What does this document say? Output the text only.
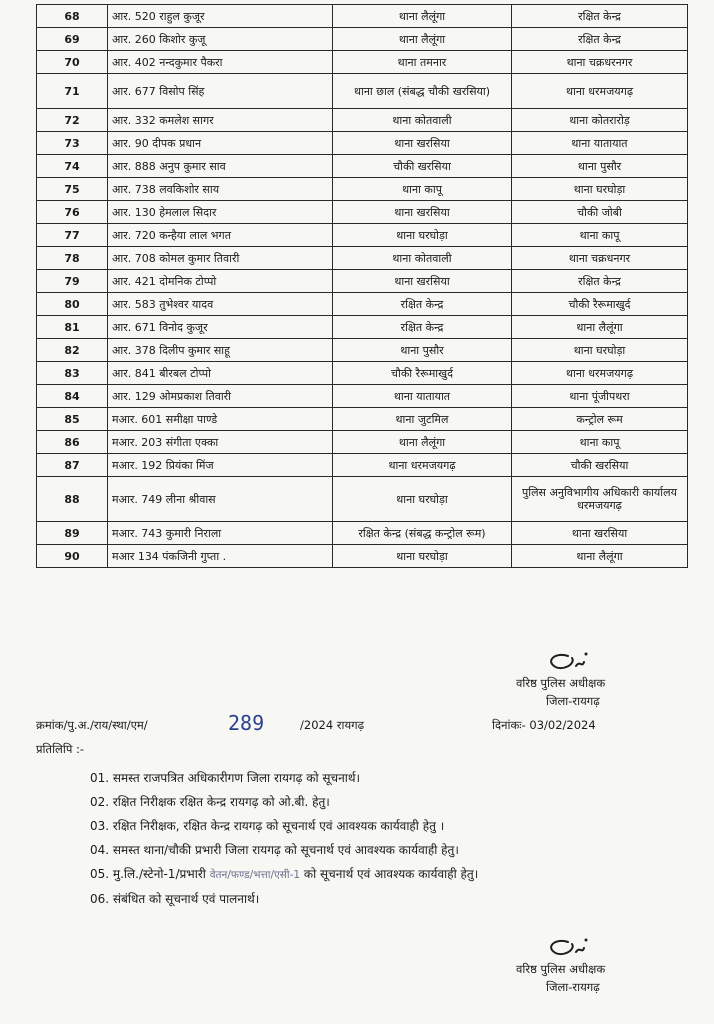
68	आर. 520 राहुल कुजूर	थाना लैलूंगा	रक्षित केन्द्र
69	आर. 260 किशोर कुजू	थाना लैलूंगा	रक्षित केन्द्र
70	आर. 402 नन्दकुमार पैकरा	थाना तमनार	थाना चक्रधरनगर
71	आर. 677 विसोप सिंह	थाना छाल (संबद्ध चौकी खरसिया)	थाना धरमजयगढ़
72	आर. 332 कमलेश सागर	थाना कोतवाली	थाना कोतरारोड़
73	आर. 90 दीपक प्रधान	थाना खरसिया	थाना यातायात
74	आर. 888 अनुप कुमार साव	चौकी खरसिया	थाना पुसौर
75	आर. 738 लवकिशोर साय	थाना कापू	थाना घरघोड़ा
76	आर. 130 हेमलाल सिदार	थाना खरसिया	चौकी जोबी
77	आर. 720 कन्हैया लाल भगत	थाना घरघोड़ा	थाना कापू
78	आर. 708 कोमल कुमार तिवारी	थाना कोतवाली	थाना चक्रधनगर
79	आर. 421 दोमनिक टोप्पो	थाना खरसिया	रक्षित केन्द्र
80	आर. 583 तुभेश्वर यादव	रक्षित केन्द्र	चौकी रैरूमाखुर्द
81	आर. 671 विनोद कुजूर	रक्षित केन्द्र	थाना लैलूंगा
82	आर. 378 दिलीप कुमार साहू	थाना पुसौर	थाना घरघोड़ा
83	आर. 841 बीरबल टोप्पो	चौकी रैरूमाखुर्द	थाना धरमजयगढ़
84	आर. 129 ओमप्रकाश तिवारी	थाना यातायात	थाना पूंजीपथरा
85	मआर. 601 समीक्षा पाण्डे	थाना जुटमिल	कन्ट्रोल रूम
86	मआर. 203 संगीता एक्का	थाना लैलूंगा	थाना कापू
87	मआर. 192 प्रियंका मिंज	थाना धरमजयगढ़	चौकी खरसिया
88	मआर. 749 लीना श्रीवास	थाना घरघोड़ा	पुलिस अनुविभागीय अधिकारी कार्यालय धरमजयगढ़
89	मआर. 743 कुमारी निराला	रक्षित केन्द्र (संबद्ध कन्ट्रोल रूम)	थाना खरसिया
90	मआर 134 पंकजिनी गुप्ता .	थाना घरघोड़ा	थाना लैलूंगा
वरिष्ठ पुलिस अधीक्षक
जिला-रायगढ़
क्रमांक/पु.अ./राय/स्था/एम/	289	/2024 रायगढ़	दिनांकः- 03/02/2024
प्रतिलिपि :-
01. समस्त राजपत्रित अधिकारीगण जिला रायगढ़ को सूचनार्थ।
02. रक्षित निरीक्षक रक्षित केन्द्र रायगढ़ को ओ.बी. हेतु।
03. रक्षित निरीक्षक, रक्षित केन्द्र रायगढ़ को सूचनार्थ एवं आवश्यक कार्यवाही हेतु ।
04. समस्त थाना/चौकी प्रभारी जिला रायगढ़ को सूचनार्थ एवं आवश्यक कार्यवाही हेतु।
05. मु.लि./स्टेनो-1/प्रभारी वेतन/फण्ड/भत्ता/एसी-1 को सूचनार्थ एवं आवश्यक कार्यवाही हेतु।
06. संबंधित को सूचनार्थ एवं पालनार्थ।
वरिष्ठ पुलिस अधीक्षक
जिला-रायगढ़
